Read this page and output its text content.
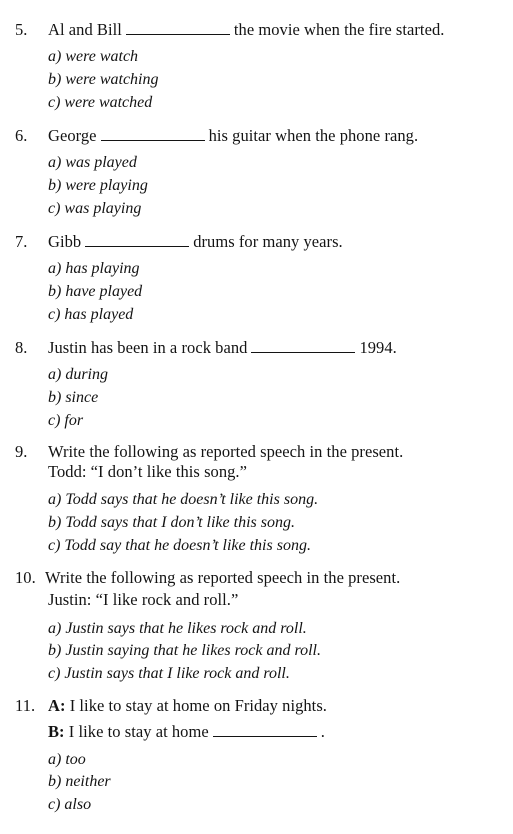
5. Al and Bill	the movie when the fire started.
a) were watch
b) were watching
c) were watched
6. George	his guitar when the phone rang.
a) was played
b) were playing
c) was playing
7. Gibb	drums for many years.
a) has playing
b) have played
c) has played
8. Justin has been in a rock band	1994.
a) during
b) since
c) for
9. Write the following as reported speech in the present.
Todd: “I don’t like this song.”
a) Todd says that he doesn’t like this song.
b) Todd says that I don’t like this song.
c) Todd say that he doesn’t like this song.
10. Write the following as reported speech in the present.
Justin: “I like rock and roll.”
a) Justin says that he likes rock and roll.
b) Justin saying that he likes rock and roll.
c) Justin says that I like rock and roll.
11. A: I like to stay at home on Friday nights.
B: I like to stay at home	.
a) too
b) neither
c) also
